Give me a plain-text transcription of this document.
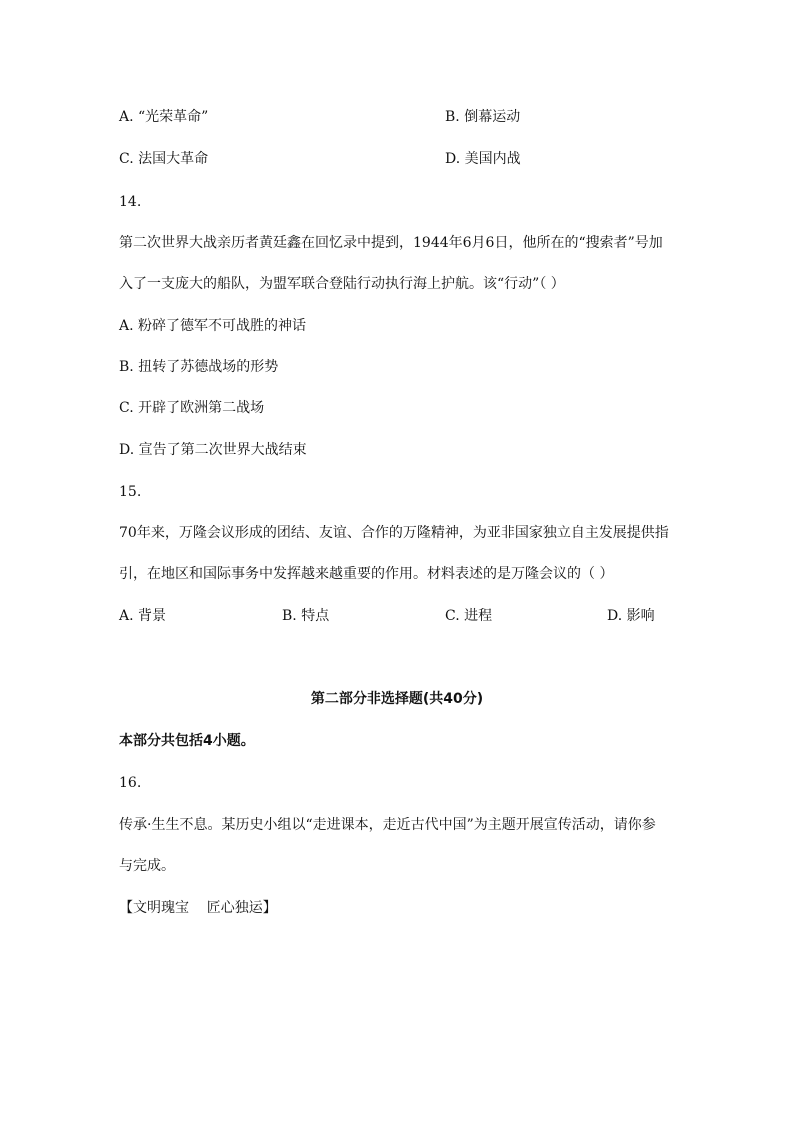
A. “光荣革命”	B. 倒幕运动
C. 法国大革命	D. 美国内战
14.
第二次世界大战亲历者黄廷鑫在回忆录中提到，1944年6月6日，他所在的“搜索者”号加
入了一支庞大的船队，为盟军联合登陆行动执行海上护航。该“行动”（ ）
A. 粉碎了德军不可战胜的神话
B. 扭转了苏德战场的形势
C. 开辟了欧洲第二战场
D. 宣告了第二次世界大战结束
15.
70年来，万隆会议形成的团结、友谊、合作的万隆精神，为亚非国家独立自主发展提供指
引，在地区和国际事务中发挥越来越重要的作用。材料表述的是万隆会议的（ ）
A. 背景	B. 特点	C. 进程	D. 影响
第二部分非选择题(共40分)
本部分共包括4小题。
16.
传承·生生不息。某历史小组以“走进课本，走近古代中国”为主题开展宣传活动，请你参
与完成。
【文明瑰宝    匠心独运】
